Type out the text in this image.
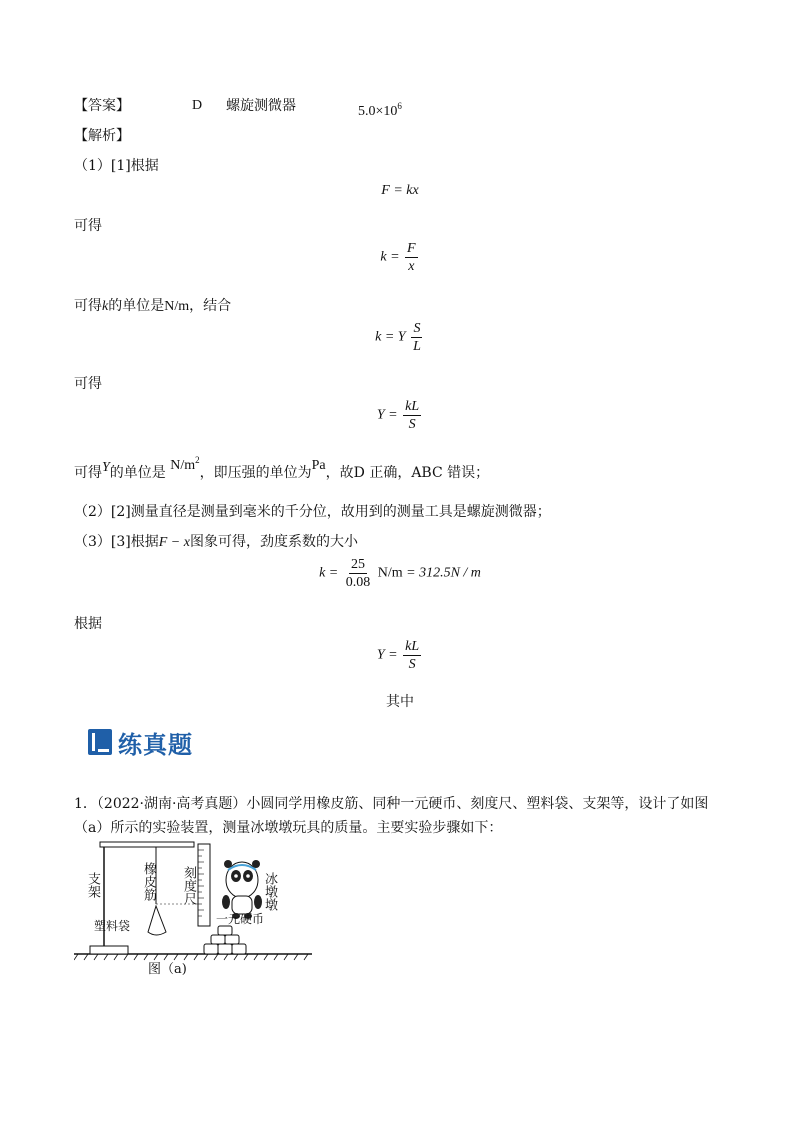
【答案】	D 螺旋测微器	$5.0\times 10^6$
【解析】
（1）[1]根据
F = kx
可得
$k = \frac{F}{x}$
可得k的单位是N/m，结合
k = Y $\frac{S}{L}$
可得
$Y = \frac{kL}{S}$
可得Y的单位是 $N/m^2$，即压强的单位为Pa，故D 正确，ABC 错误；
（2）[2]测量直径是测量到毫米的千分位，故用到的测量工具是螺旋测微器；
（3）[3]根据F − x图象可得，劲度系数的大小
$k = \frac{25}{0.08} N/m = 312.5N / m$
根据
$Y = \frac{kL}{S}$
其中
练真题
1．（2022·湖南·高考真题）小圆同学用橡皮筋、同种一元硬币、刻度尺、塑料袋、支架等，设计了如图
（a）所示的实验装置，测量冰墩墩玩具的质量。主要实验步骤如下：
支架	橡皮筋 刻度尺	冰墩墩
一元硬币
塑料袋
图（a)
